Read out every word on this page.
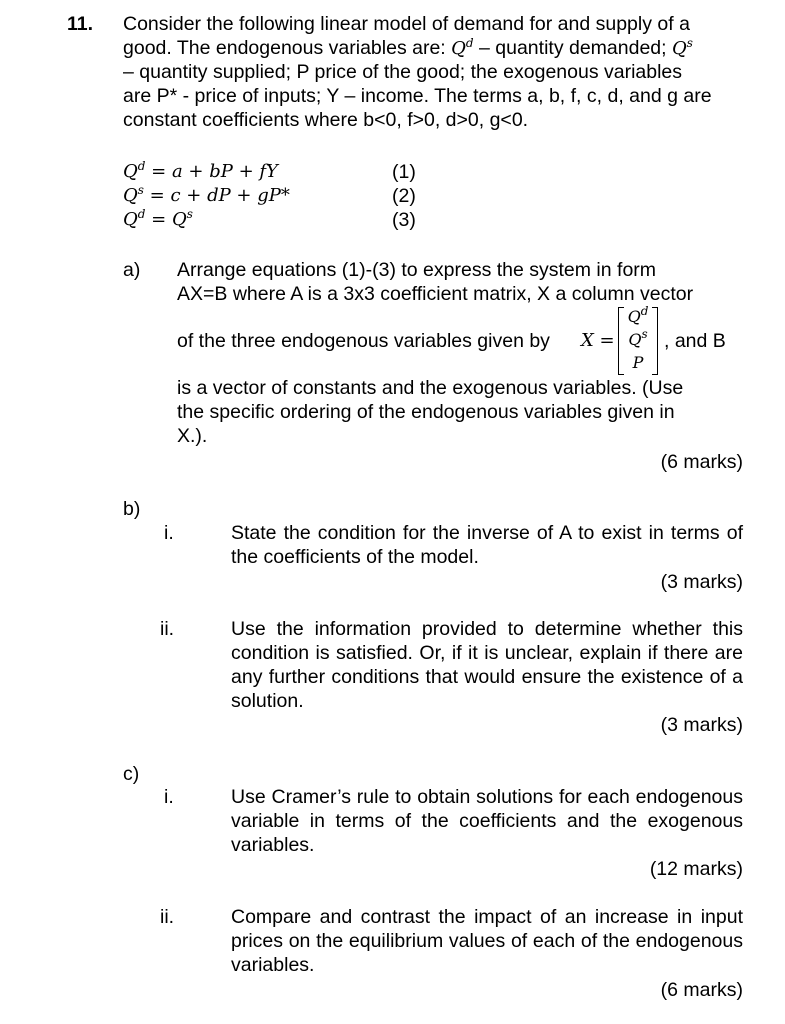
11. Consider the following linear model of demand for and supply of a
good. The endogenous variables are: $Q^d$ – quantity demanded; $Q^s$
– quantity supplied; P price of the good; the exogenous variables
are P* - price of inputs; Y – income. The terms a, b, f, c, d, and g are
constant coefficients where b<0, f>0, d>0, g<0.
$Q^d = a$ + bP + fY	(1)
$Q^s = c$ + dP + gP*	(2)
$Q^d = Q^s$	(3)
a) Arrange equations (1)-(3) to express the system in form
AX=B where A is a 3x3 coefficient matrix, X a column vector
of the three endogenous variables given by X =
$Q^d$
$Q^s$
P
, and B
is a vector of constants and the exogenous variables. (Use
the specific ordering of the endogenous variables given in
X.).
(6 marks)
b)
i.	State the condition for the inverse of A to exist in terms of the coefficients of the model.
(3 marks)
ii.	Use the information provided to determine whether this condition is satisfied. Or, if it is unclear, explain if there are any further conditions that would ensure the existence of a solution.
(3 marks)
c)
i.	Use Cramer’s rule to obtain solutions for each endogenous variable in terms of the coefficients and the exogenous variables.
(12 marks)
ii.	Compare and contrast the impact of an increase in input prices on the equilibrium values of each of the endogenous variables.
(6 marks)
